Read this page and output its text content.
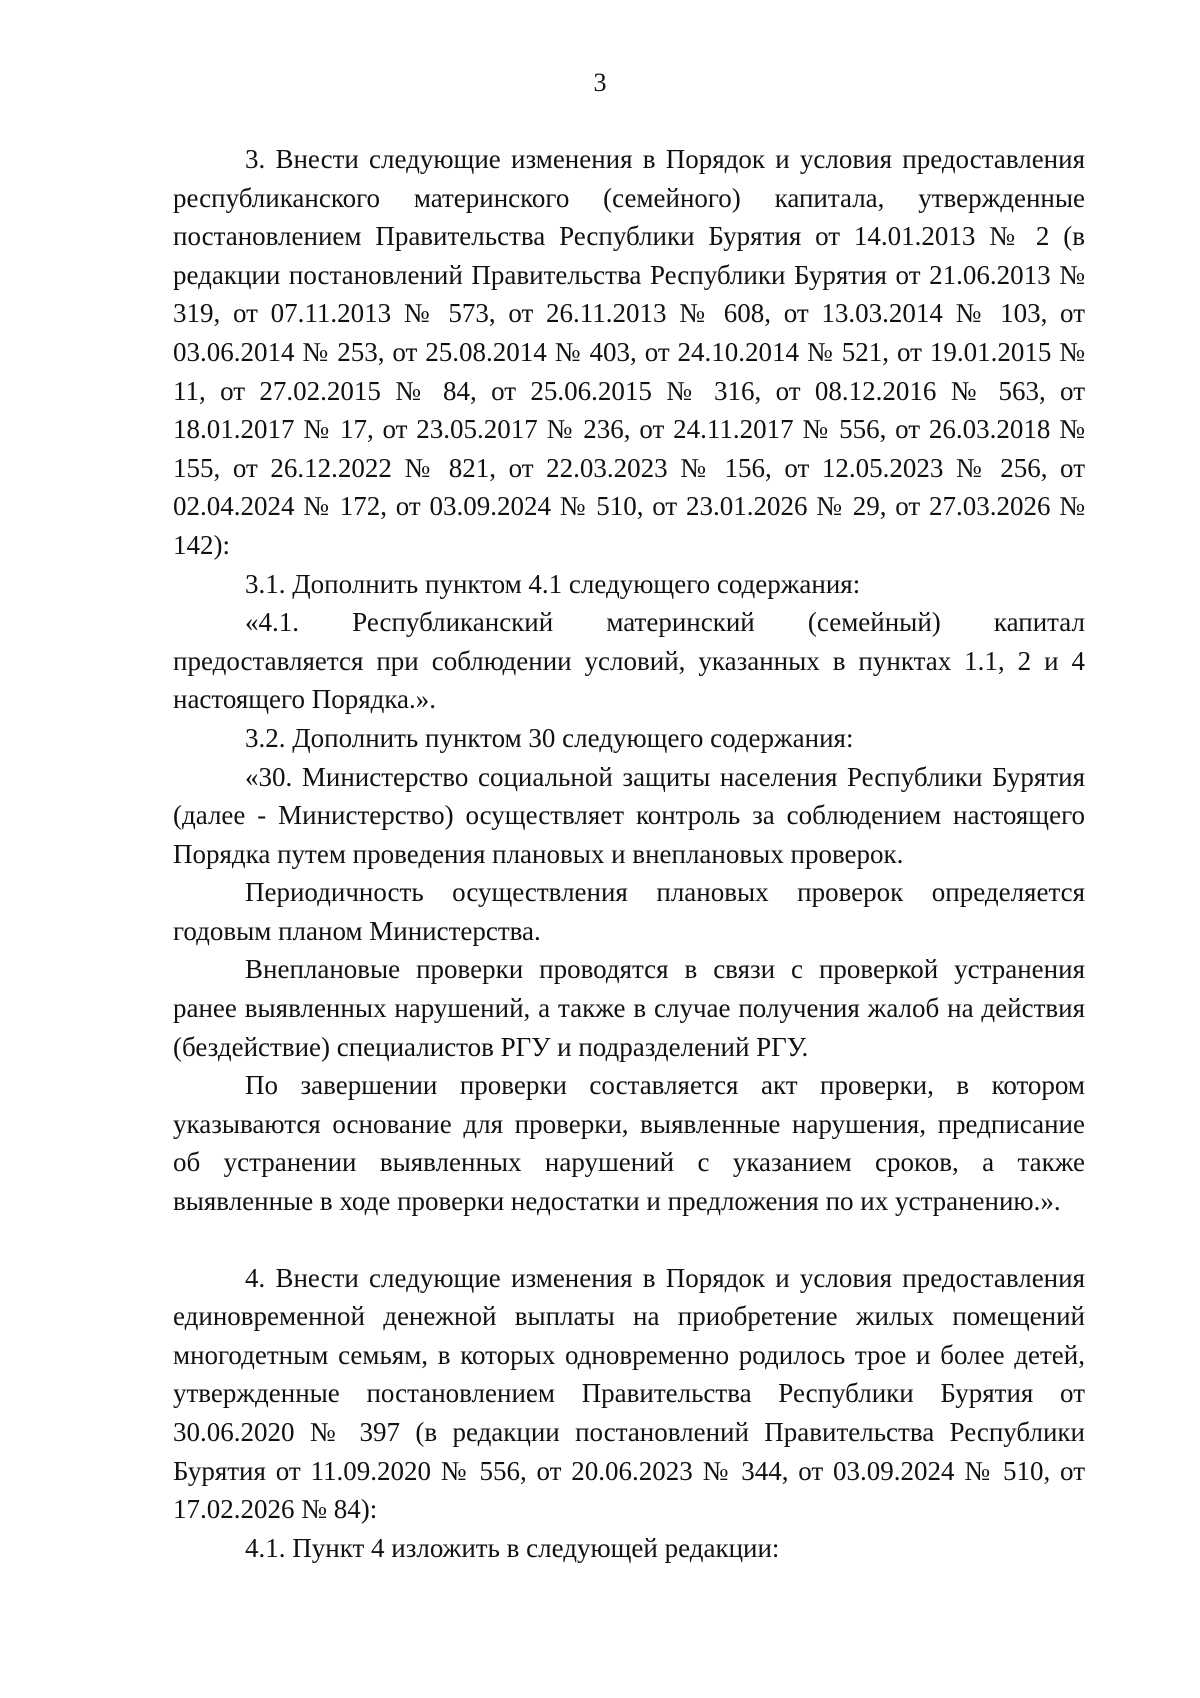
3

3. Внести следующие изменения в Порядок и условия предоставления республиканского материнского (семейного) капитала, утвержденные постановлением Правительства Республики Бурятия от 14.01.2013 № 2 (в редакции постановлений Правительства Республики Бурятия от 21.06.2013 № 319, от 07.11.2013 № 573, от 26.11.2013 № 608, от 13.03.2014 № 103, от 03.06.2014 № 253, от 25.08.2014 № 403, от 24.10.2014 № 521, от 19.01.2015 № 11, от 27.02.2015 № 84, от 25.06.2015 № 316, от 08.12.2016 № 563, от 18.01.2017 № 17, от 23.05.2017 № 236, от 24.11.2017 № 556, от 26.03.2018 № 155, от 26.12.2022 № 821, от 22.03.2023 № 156, от 12.05.2023 № 256, от 02.04.2024 № 172, от 03.09.2024 № 510, от 23.01.2026 № 29, от 27.03.2026 № 142):

3.1. Дополнить пунктом 4.1 следующего содержания:

«4.1. Республиканский материнский (семейный) капитал предоставляется при соблюдении условий, указанных в пунктах 1.1, 2 и 4 настоящего Порядка.».

3.2. Дополнить пунктом 30 следующего содержания:

«30. Министерство социальной защиты населения Республики Бурятия (далее - Министерство) осуществляет контроль за соблюдением настоящего Порядка путем проведения плановых и внеплановых проверок.

Периодичность осуществления плановых проверок определяется годовым планом Министерства.

Внеплановые проверки проводятся в связи с проверкой устранения ранее выявленных нарушений, а также в случае получения жалоб на действия (бездействие) специалистов РГУ и подразделений РГУ.

По завершении проверки составляется акт проверки, в котором указываются основание для проверки, выявленные нарушения, предписание об устранении выявленных нарушений с указанием сроков, а также выявленные в ходе проверки недостатки и предложения по их устранению.».

4. Внести следующие изменения в Порядок и условия предоставления единовременной денежной выплаты на приобретение жилых помещений многодетным семьям, в которых одновременно родилось трое и более детей, утвержденные постановлением Правительства Республики Бурятия от 30.06.2020 № 397 (в редакции постановлений Правительства Республики Бурятия от 11.09.2020 № 556, от 20.06.2023 № 344, от 03.09.2024 № 510, от 17.02.2026 № 84):

4.1. Пункт 4 изложить в следующей редакции:
